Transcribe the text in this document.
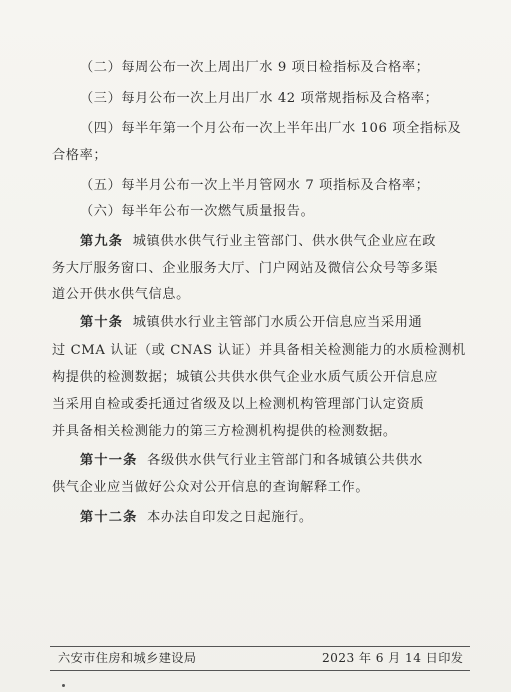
（二）每周公布一次上周出厂水 9 项日检指标及合格率；
（三）每月公布一次上月出厂水 42 项常规指标及合格率；
（四）每半年第一个月公布一次上半年出厂水 106 项全指标及
合格率；
（五）每半月公布一次上半月管网水 7 项指标及合格率；
（六）每半年公布一次燃气质量报告。
第九条 城镇供水供气行业主管部门、供水供气企业应在政
务大厅服务窗口、企业服务大厅、门户网站及微信公众号等多渠
道公开供水供气信息。
第十条 城镇供水行业主管部门水质公开信息应当采用通
过 CMA 认证（或 CNAS 认证）并具备相关检测能力的水质检测机
构提供的检测数据；城镇公共供水供气企业水质气质公开信息应
当采用自检或委托通过省级及以上检测机构管理部门认定资质
并具备相关检测能力的第三方检测机构提供的检测数据。
第十一条 各级供水供气行业主管部门和各城镇公共供水
供气企业应当做好公众对公开信息的查询解释工作。
第十二条 本办法自印发之日起施行。
六安市住房和城乡建设局	2023 年 6 月 14 日印发
